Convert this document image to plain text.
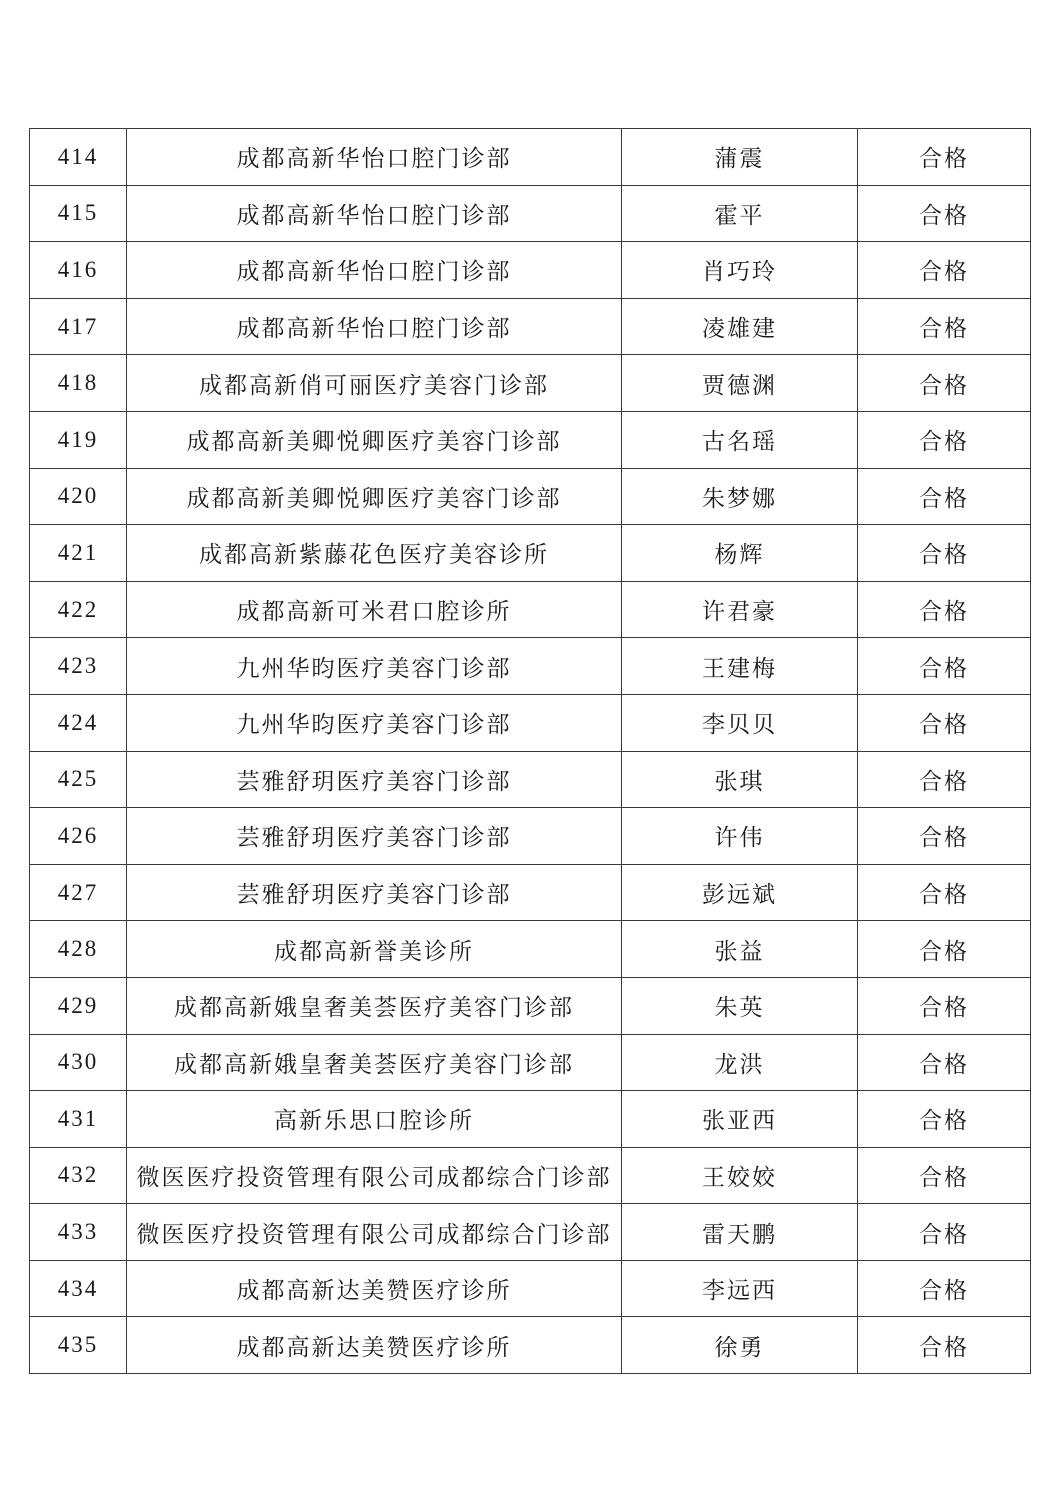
414	成都高新华怡口腔门诊部	蒲震	合格
415	成都高新华怡口腔门诊部	霍平	合格
416	成都高新华怡口腔门诊部	肖巧玲	合格
417	成都高新华怡口腔门诊部	凌雄建	合格
418	成都高新俏可丽医疗美容门诊部	贾德渊	合格
419	成都高新美卿悦卿医疗美容门诊部	古名瑶	合格
420	成都高新美卿悦卿医疗美容门诊部	朱梦娜	合格
421	成都高新紫藤花色医疗美容诊所	杨辉	合格
422	成都高新可米君口腔诊所	许君豪	合格
423	九州华昀医疗美容门诊部	王建梅	合格
424	九州华昀医疗美容门诊部	李贝贝	合格
425	芸雅舒玥医疗美容门诊部	张琪	合格
426	芸雅舒玥医疗美容门诊部	许伟	合格
427	芸雅舒玥医疗美容门诊部	彭远斌	合格
428	成都高新誉美诊所	张益	合格
429	成都高新娥皇奢美荟医疗美容门诊部	朱英	合格
430	成都高新娥皇奢美荟医疗美容门诊部	龙洪	合格
431	高新乐思口腔诊所	张亚西	合格
432	微医医疗投资管理有限公司成都综合门诊部	王姣姣	合格
433	微医医疗投资管理有限公司成都综合门诊部	雷天鹏	合格
434	成都高新达美赞医疗诊所	李远西	合格
435	成都高新达美赞医疗诊所	徐勇	合格
